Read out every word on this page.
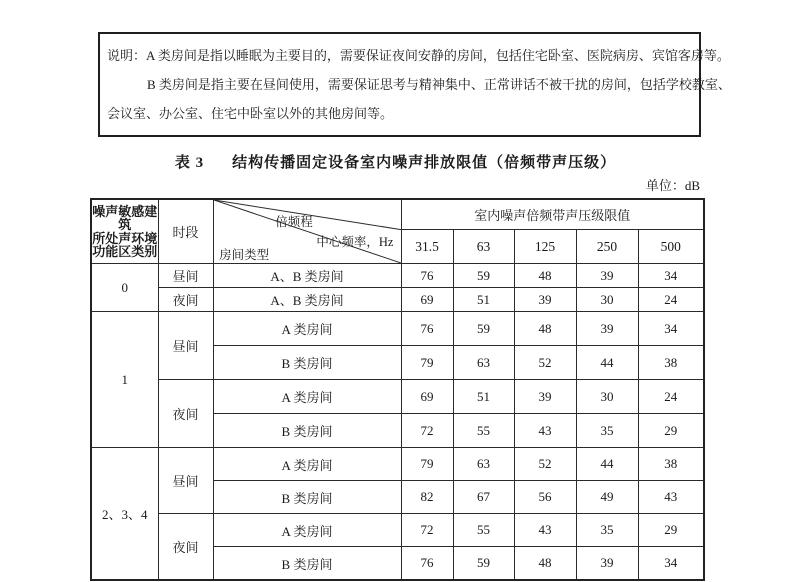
说明：A 类房间是指以睡眠为主要目的，需要保证夜间安静的房间，包括住宅卧室、医院病房、宾馆客房等。
B 类房间是指主要在昼间使用，需要保证思考与精神集中、正常讲话不被干扰的房间，包括学校教室、
会议室、办公室、住宅中卧室以外的其他房间等。
表 3 结构传播固定设备室内噪声排放限值（倍频带声压级）
单位：dB
噪声敏感建筑
所处声环境
功能区类别
	时段	
倍频程
中心频率，Hz
房间类型
	室内噪声倍频带声压级限值
			31.5	63	125	250	500
0	昼间	A、B 类房间	76	59	48	39	34
	夜间	A、B 类房间	69	51	39	30	24
1	昼间	A 类房间	76	59	48	39	34
		B 类房间	79	63	52	44	38
	夜间	A 类房间	69	51	39	30	24
		B 类房间	72	55	43	35	29
2、3、4	昼间	A 类房间	79	63	52	44	38
		B 类房间	82	67	56	49	43
	夜间	A 类房间	72	55	43	35	29
		B 类房间	76	59	48	39	34
